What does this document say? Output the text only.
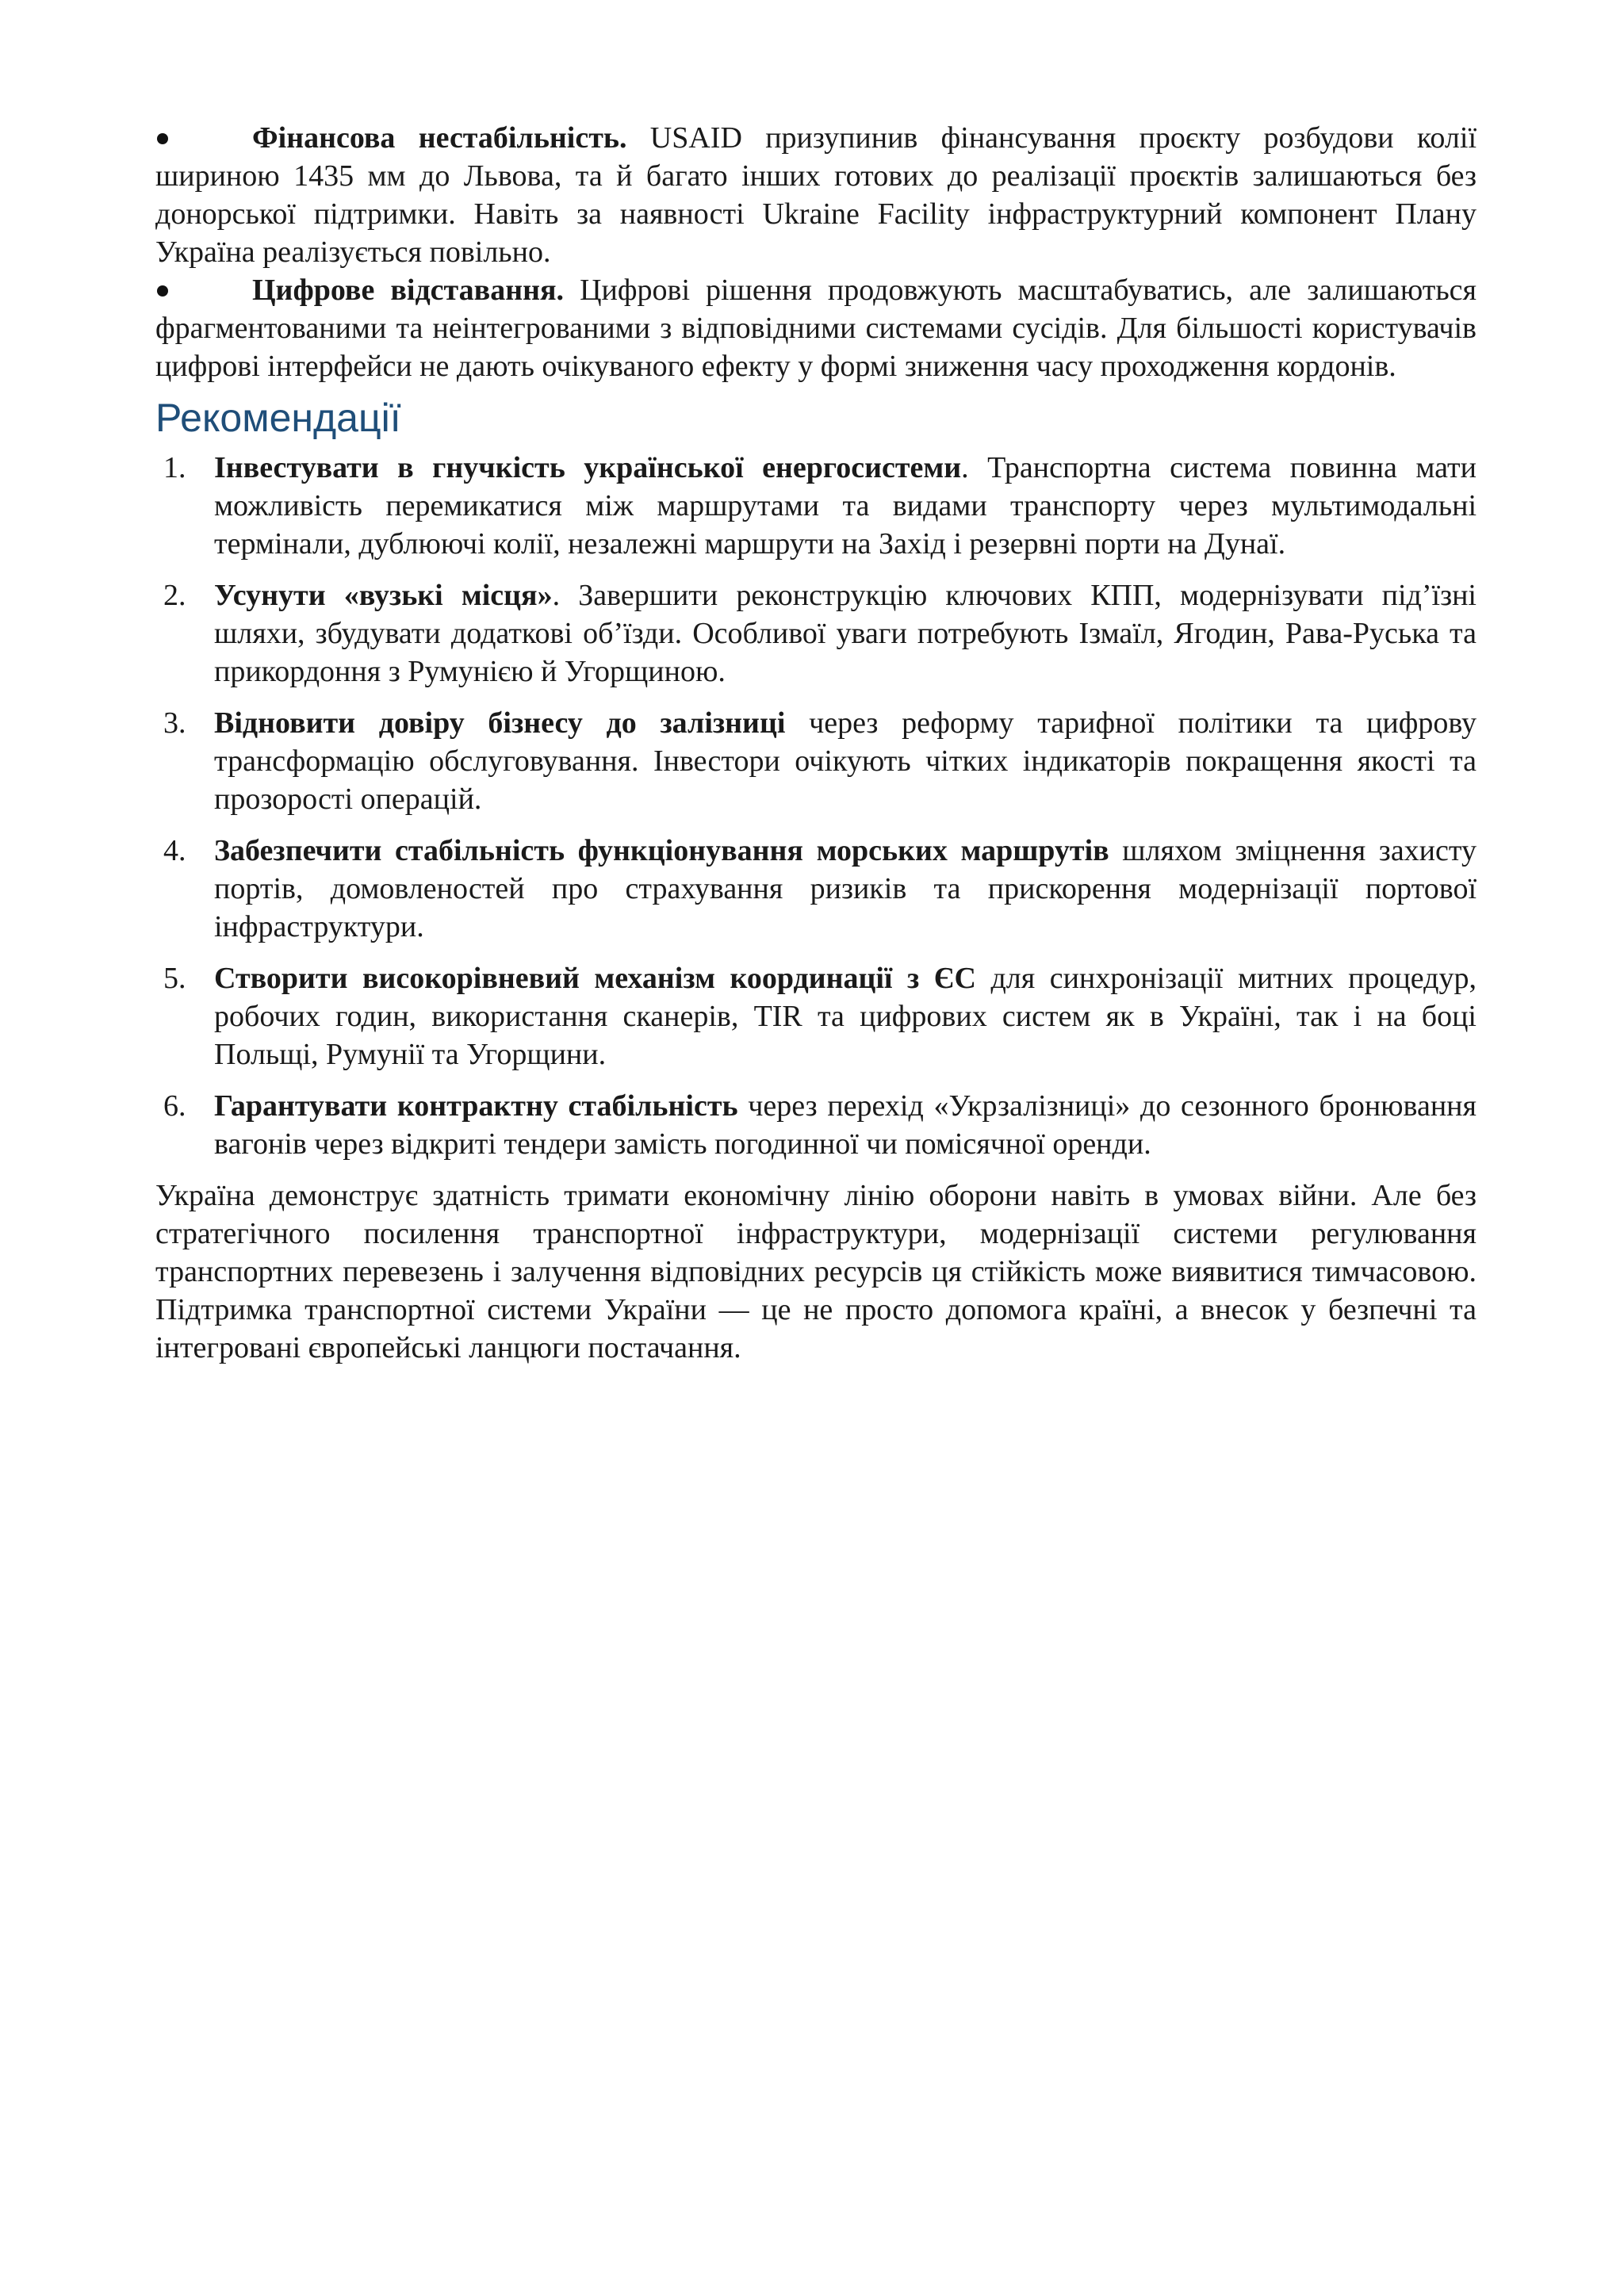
Фінансова нестабільність. USAID призупинив фінансування проєкту розбудови колії шириною 1435 мм до Львова, та й багато інших готових до реалізації проєктів залишаються без донорської підтримки. Навіть за наявності Ukraine Facility інфраструктурний компонент Плану Україна реалізується повільно.

Цифрове відставання. Цифрові рішення продовжують масштабуватись, але залишаються фрагментованими та неінтегрованими з відповідними системами сусідів. Для більшості користувачів цифрові інтерфейси не дають очікуваного ефекту у формі зниження часу проходження кордонів.

Рекомендації
1. Інвестувати в гнучкість української енергосистеми. Транспортна система повинна мати можливість перемикатися між маршрутами та видами транспорту через мультимодальні термінали, дублюючі колії, незалежні маршрути на Захід і резервні порти на Дунаї.
2. Усунути «вузькі місця». Завершити реконструкцію ключових КПП, модернізувати під’їзні шляхи, збудувати додаткові об’їзди. Особливої уваги потребують Ізмаїл, Ягодин, Рава-Руська та прикордоння з Румунією й Угорщиною.
3. Відновити довіру бізнесу до залізниці через реформу тарифної політики та цифрову трансформацію обслуговування. Інвестори очікують чітких індикаторів покращення якості та прозорості операцій.
4. Забезпечити стабільність функціонування морських маршрутів шляхом зміцнення захисту портів, домовленостей про страхування ризиків та прискорення модернізації портової інфраструктури.
5. Створити високорівневий механізм координації з ЄС для синхронізації митних процедур, робочих годин, використання сканерів, TIR та цифрових систем як в Україні, так і на боці Польщі, Румунії та Угорщини.
6. Гарантувати контрактну стабільність через перехід «Укрзалізниці» до сезонного бронювання вагонів через відкриті тендери замість погодинної чи помісячної оренди.

Україна демонструє здатність тримати економічну лінію оборони навіть в умовах війни. Але без стратегічного посилення транспортної інфраструктури, модернізації системи регулювання транспортних перевезень і залучення відповідних ресурсів ця стійкість може виявитися тимчасовою. Підтримка транспортної системи України — це не просто допомога країні, а внесок у безпечні та інтегровані європейські ланцюги постачання.
